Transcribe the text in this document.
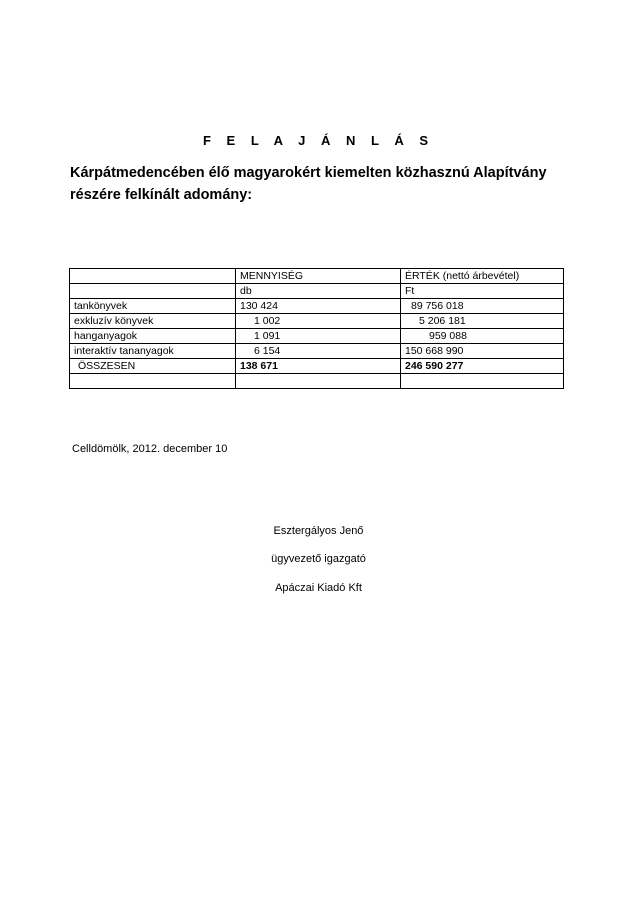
F E L A J Á N L Á S
Kárpátmedencében élő magyarokért kiemelten közhasznú Alapítvány részére felkínált adomány:
	MENNYISÉG	ÉRTÉK (nettó árbevétel)
	db	Ft
tankönyvek	130 424	89 756 018
exkluzív könyvek	1 002	5 206 181
hanganyagok	1 091	959 088
interaktív tananyagok	6 154	150 668 990
ÖSSZESEN	138 671	246 590 277

Celldömölk, 2012. december 10
Esztergályos Jenő
ügyvezető igazgató
Apáczai Kiadó Kft
